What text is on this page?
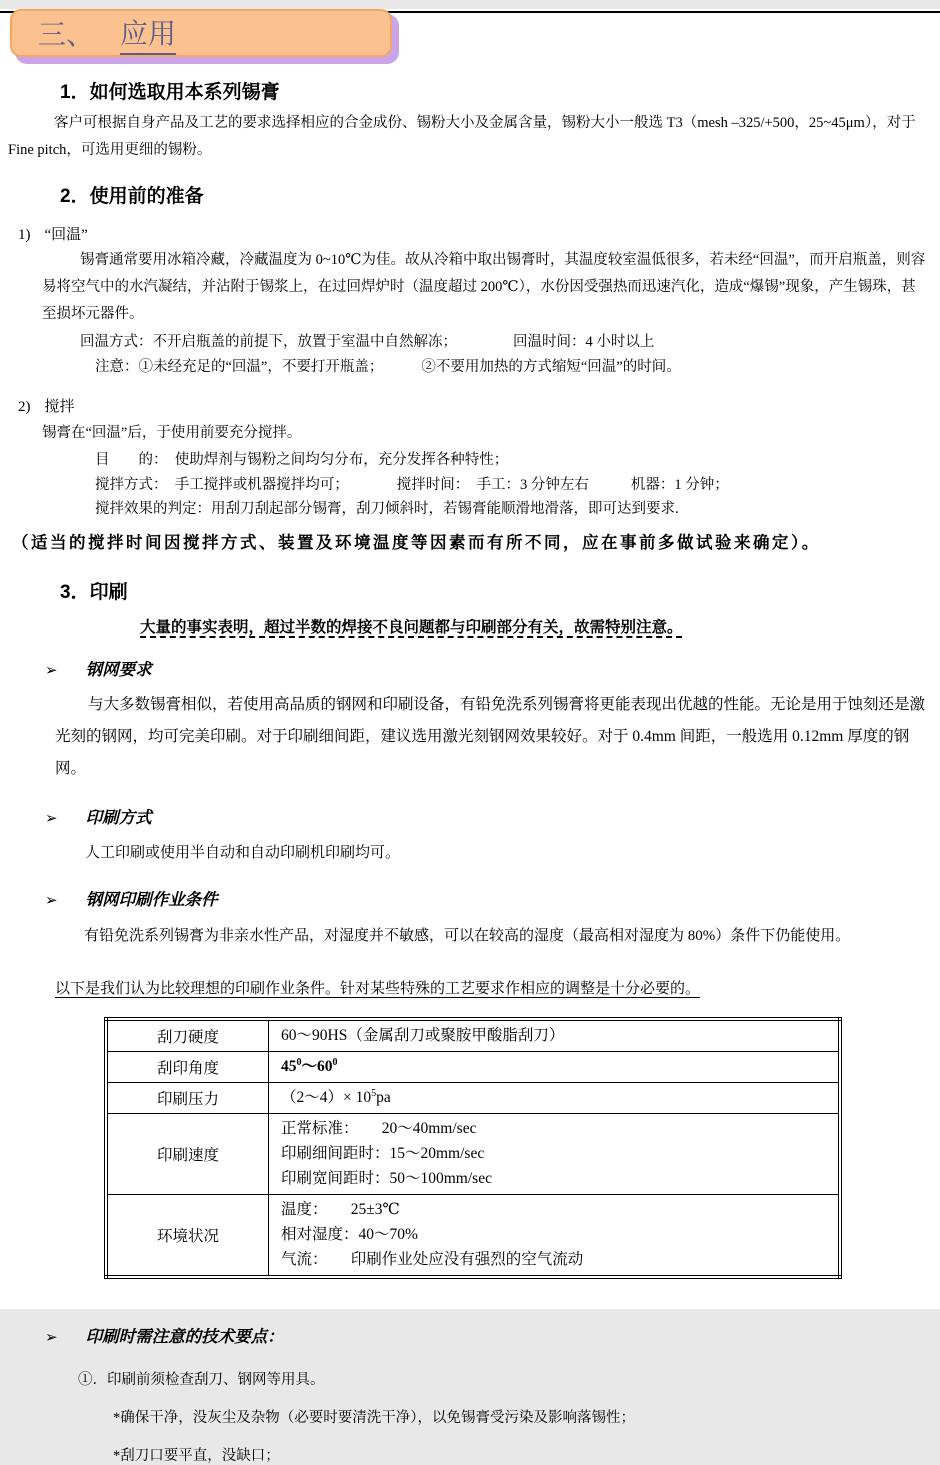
三、 应用
1．如何选取用本系列锡膏
客户可根据自身产品及工艺的要求选择相应的合金成份、锡粉大小及金属含量，锡粉大小一般选 T3（mesh –325/+500，25~45μm），对于 Fine pitch，可选用更细的锡粉。
2．使用前的准备
1) “回温”
锡膏通常要用冰箱冷藏，冷藏温度为 0~10℃为佳。故从冷箱中取出锡膏时，其温度较室温低很多，若未经“回温”，而开启瓶盖，则容易将空气中的水汽凝结，并沾附于锡浆上，在过回焊炉时（温度超过 200℃），水份因受强热而迅速汽化，造成“爆锡”现象，产生锡珠，甚至损坏元器件。
回温方式：不开启瓶盖的前提下，放置于室温中自然解冻；	回温时间：4 小时以上
注意：①未经充足的“回温”，不要打开瓶盖；	②不要用加热的方式缩短“回温”的时间。
2) 搅拌
锡膏在“回温”后，于使用前要充分搅拌。
目　　的：　使助焊剂与锡粉之间均匀分布，充分发挥各种特性；
搅拌方式：　手工搅拌或机器搅拌均可；	搅拌时间：　手工：3 分钟左右	机器：1 分钟；
搅拌效果的判定：用刮刀刮起部分锡膏，刮刀倾斜时，若锡膏能顺滑地滑落，即可达到要求.
（适当的搅拌时间因搅拌方式、装置及环境温度等因素而有所不同，应在事前多做试验来确定）。
3．印刷
大量的事实表明，超过半数的焊接不良问题都与印刷部分有关，故需特别注意。
➢ 钢网要求
与大多数锡膏相似，若使用高品质的钢网和印刷设备，有铅免洗系列锡膏将更能表现出优越的性能。无论是用于蚀刻还是激光刻的钢网，均可完美印刷。对于印刷细间距，建议选用激光刻钢网效果较好。对于 0.4mm 间距，一般选用 0.12mm 厚度的钢网。
➢ 印刷方式
人工印刷或使用半自动和自动印刷机印刷均可。
➢ 钢网印刷作业条件
有铅免洗系列锡膏为非亲水性产品，对湿度并不敏感，可以在较高的湿度（最高相对湿度为 80%）条件下仍能使用。
以下是我们认为比较理想的印刷作业条件。针对某些特殊的工艺要求作相应的调整是十分必要的。
刮刀硬度	60～90HS（金属刮刀或聚胺甲酸脂刮刀）
刮印角度	$45^0\sim 60^0$
印刷压力	（2～4）× $10^5pa$
印刷速度	正常标准：　　20～40mm/sec
印刷细间距时：15～20mm/sec
印刷宽间距时：50～100mm/sec

环境状况	温度：　　25±3℃
相对湿度：40～70%
气流：　　印刷作业处应没有强烈的空气流动
➢ 印刷时需注意的技术要点：
①．印刷前须检查刮刀、钢网等用具。
*确保干净，没灰尘及杂物（必要时要清洗干净），以免锡膏受污染及影响落锡性；
*刮刀口要平直，没缺口；
